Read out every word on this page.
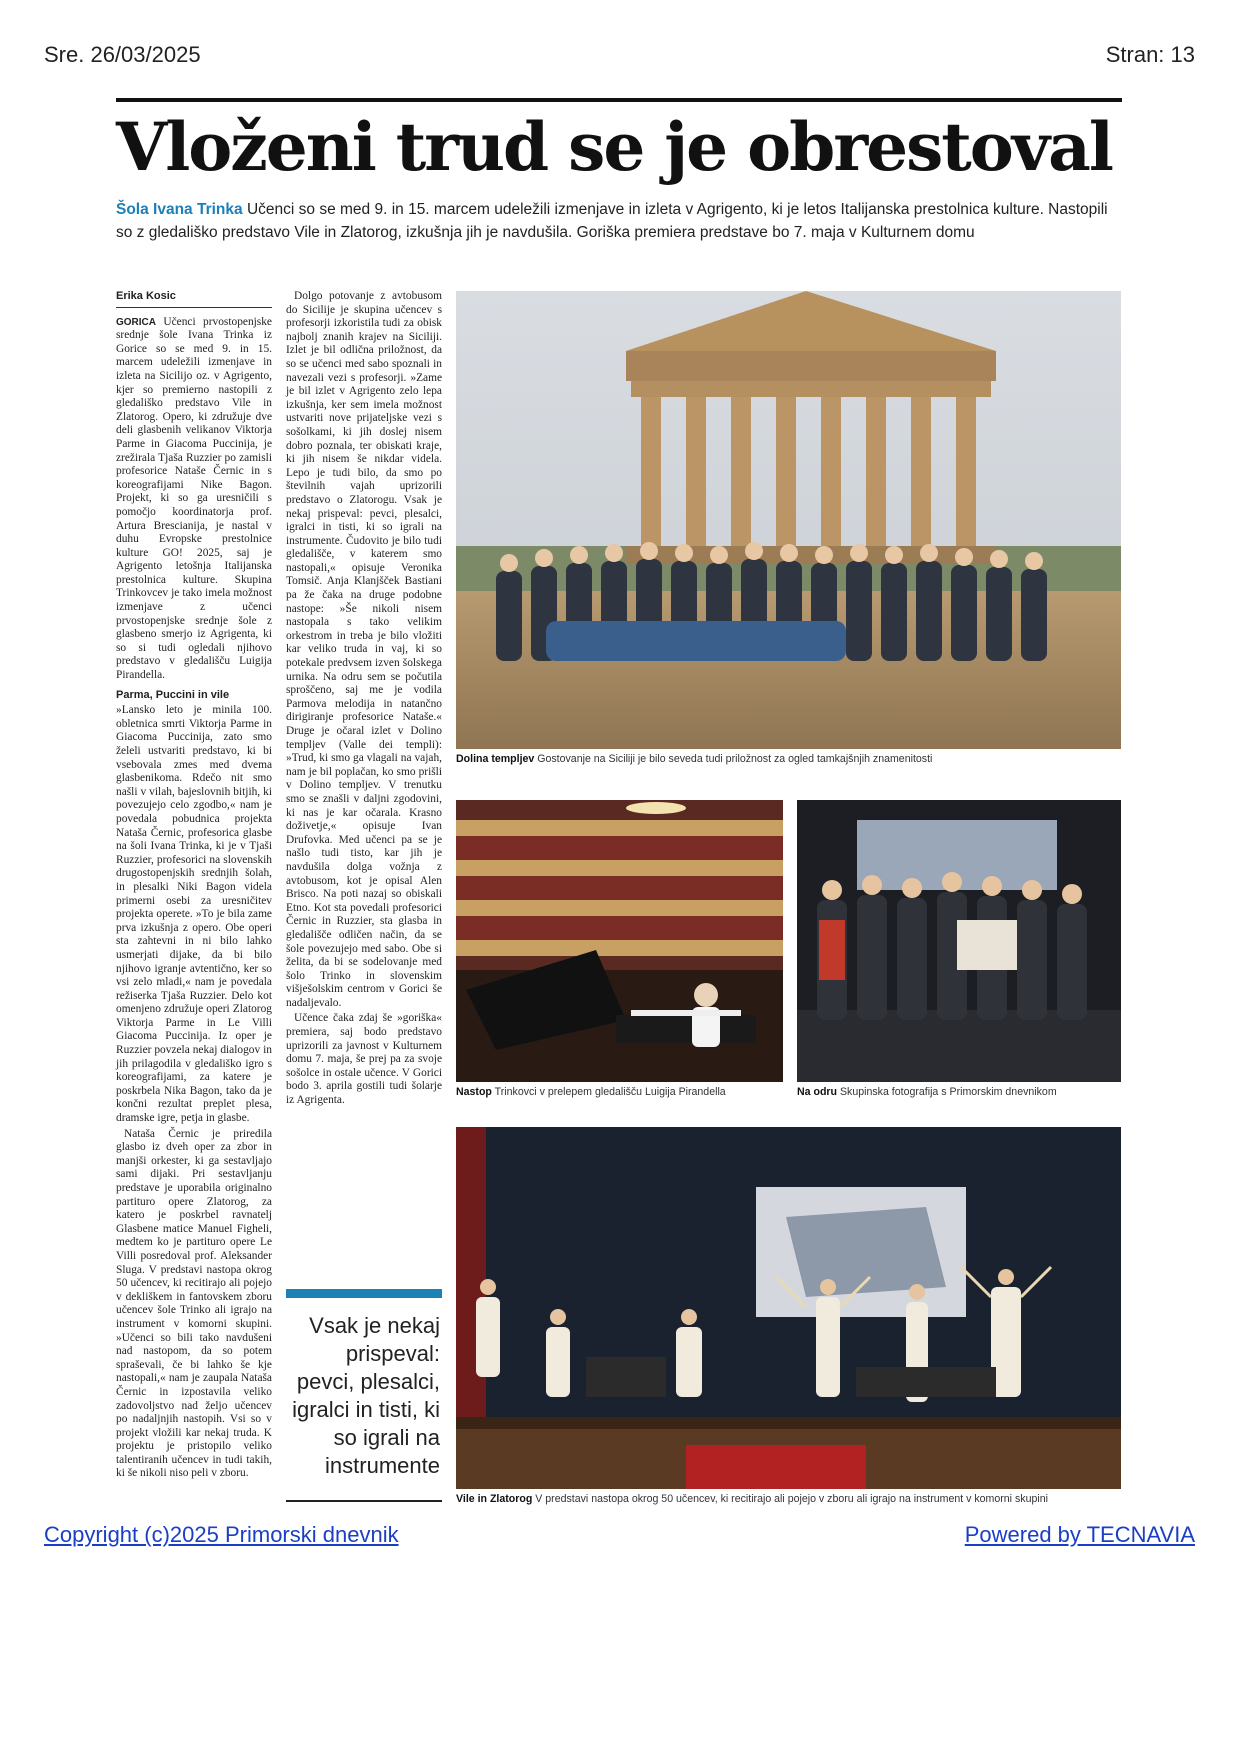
Sre. 26/03/2025	Stran: 13
Vloženi trud se je obrestoval
Šola Ivana Trinka Učenci so se med 9. in 15. marcem udeležili izmenjave in izleta v Agrigento, ki je letos Italijanska prestolnica kulture. Nastopili so z gledališko predstavo Vile in Zlatorog, izkušnja jih je navdušila. Goriška premiera predstave bo 7. maja v Kulturnem domu
Erika Kosic

GORICA Učenci prvostopenjske srednje šole Ivana Trinka iz Gorice so se med 9. in 15. marcem udeležili izmenjave in izleta na Sicilijo oz. v Agrigento, kjer so premierno nastopili z gledališko predstavo Vile in Zlatorog. Opero, ki združuje dve deli glasbenih velikanov Viktorja Parme in Giacoma Puccinija, je zrežirala Tjaša Ruzzier po zamisli profesorice Nataše Černic in s koreografijami Nike Bagon. Projekt, ki so ga uresničili s pomočjo koordinatorja prof. Artura Brescianija, je nastal v duhu Evropske prestolnice kulture GO! 2025, saj je Agrigento letošnja Italijanska prestolnica kulture. Skupina Trinkovcev je tako imela možnost izmenjave z učenci prvostopenjske srednje šole z glasbeno smerjo iz Agrigenta, ki so si tudi ogledali njihovo predstavo v gledališču Luigija Pirandella.

Parma, Puccini in vile

»Lansko leto je minila 100. obletnica smrti Viktorja Parme in Giacoma Puccinija, zato smo želeli ustvariti predstavo, ki bi vsebovala zmes med dvema glasbenikoma. Rdečo nit smo našli v vilah, bajeslovnih bitjih, ki povezujejo celo zgodbo,« nam je povedala pobudnica projekta Nataša Černic, profesorica glasbe na šoli Ivana Trinka, ki je v Tjaši Ruzzier, profesorici na slovenskih drugostopenjskih srednjih šolah, in plesalki Niki Bagon videla primerni osebi za uresničitev projekta operete. »To je bila zame prva izkušnja z opero. Obe operi sta zahtevni in ni bilo lahko usmerjati dijake, da bi bilo njihovo igranje avtentično, ker so vsi zelo mladi,« nam je povedala režiserka Tjaša Ruzzier. Delo kot omenjeno združuje operi Zlatorog Viktorja Parme in Le Villi Giacoma Puccinija. Iz oper je Ruzzier povzela nekaj dialogov in jih prilagodila v gledališko igro s koreografijami, za katere je poskrbela Nika Bagon, tako da je končni rezultat preplet plesa, dramske igre, petja in glasbe.

Nataša Černic je priredila glasbo iz dveh oper za zbor in manjši orkester, ki ga sestavljajo sami dijaki. Pri sestavljanju predstave je uporabila originalno partituro opere Zlatorog, za katero je poskrbel ravnatelj Glasbene matice Manuel Figheli, medtem ko je partituro opere Le Villi posredoval prof. Aleksander Sluga. V predstavi nastopa okrog 50 učencev, ki recitirajo ali pojejo v dekliškem in fantovskem zboru učencev šole Trinko ali igrajo na instrument v komorni skupini. »Učenci so bili tako navdušeni nad nastopom, da so potem spraševali, če bi lahko še kje nastopali,« nam je zaupala Nataša Černic in izpostavila veliko zadovoljstvo nad željo učencev po nadaljnjih nastopih. Vsi so v projekt vložili kar nekaj truda. K projektu je pristopilo veliko talentiranih učencev in tudi takih, ki še nikoli niso peli v zboru.

Dolgo potovanje z avtobusom do Sicilije je skupina učencev s profesorji izkoristila tudi za obisk najbolj znanih krajev na Siciliji. Izlet je bil odlična priložnost, da so se učenci med sabo spoznali in navezali vezi s profesorji. »Zame je bil izlet v Agrigento zelo lepa izkušnja, ker sem imela možnost ustvariti nove prijateljske vezi s sošolkami, ki jih doslej nisem dobro poznala, ter obiskati kraje, ki jih nisem še nikdar videla. Lepo je tudi bilo, da smo po številnih vajah uprizorili predstavo o Zlatorogu. Vsak je nekaj prispeval: pevci, plesalci, igralci in tisti, ki so igrali na instrumente. Čudovito je bilo tudi gledališče, v katerem smo nastopali,« opisuje Veronika Tomsič. Anja Klanjšček Bastiani pa že čaka na druge podobne nastope: »Še nikoli nisem nastopala s tako velikim orkestrom in treba je bilo vložiti kar veliko truda in vaj, ki so potekale predvsem izven šolskega urnika. Na odru sem se počutila sproščeno, saj me je vodila Parmova melodija in natančno dirigiranje profesorice Nataše.« Druge je očaral izlet v Dolino templjev (Valle dei templi): »Trud, ki smo ga vlagali na vajah, nam je bil poplačan, ko smo prišli v Dolino templjev. V trenutku smo se znašli v daljni zgodovini, ki nas je kar očarala. Krasno doživetje,« opisuje Ivan Drufovka. Med učenci pa se je našlo tudi tisto, kar jih je navdušila dolga vožnja z avtobusom, kot je opisal Alen Brisco. Na poti nazaj so obiskali Etno. Kot sta povedali profesorici Černic in Ruzzier, sta glasba in gledališče odličen način, da se šole povezujejo med sabo. Obe si želita, da bi se sodelovanje med šolo Trinko in slovenskim višješolskim centrom v Gorici še nadaljevalo.

Učence čaka zdaj še »goriška« premiera, saj bodo predstavo uprizorili za javnost v Kulturnem domu 7. maja, še prej pa za svoje sošolce in ostale učence. V Gorici bodo 3. aprila gostili tudi šolarje iz Agrigenta.

Vsak je nekaj prispeval: pevci, plesalci, igralci in tisti, ki so igrali na instrumente
Dolina templjev Gostovanje na Siciliji je bilo seveda tudi priložnost za ogled tamkajšnjih znamenitosti
Nastop Trinkovci v prelepem gledališču Luigija Pirandella	Na odru Skupinska fotografija s Primorskim dnevnikom
Vile in Zlatorog V predstavi nastopa okrog 50 učencev, ki recitirajo ali pojejo v zboru ali igrajo na instrument v komorni skupini
Copyright (c)2025 Primorski dnevnik	Powered by TECNAVIA
